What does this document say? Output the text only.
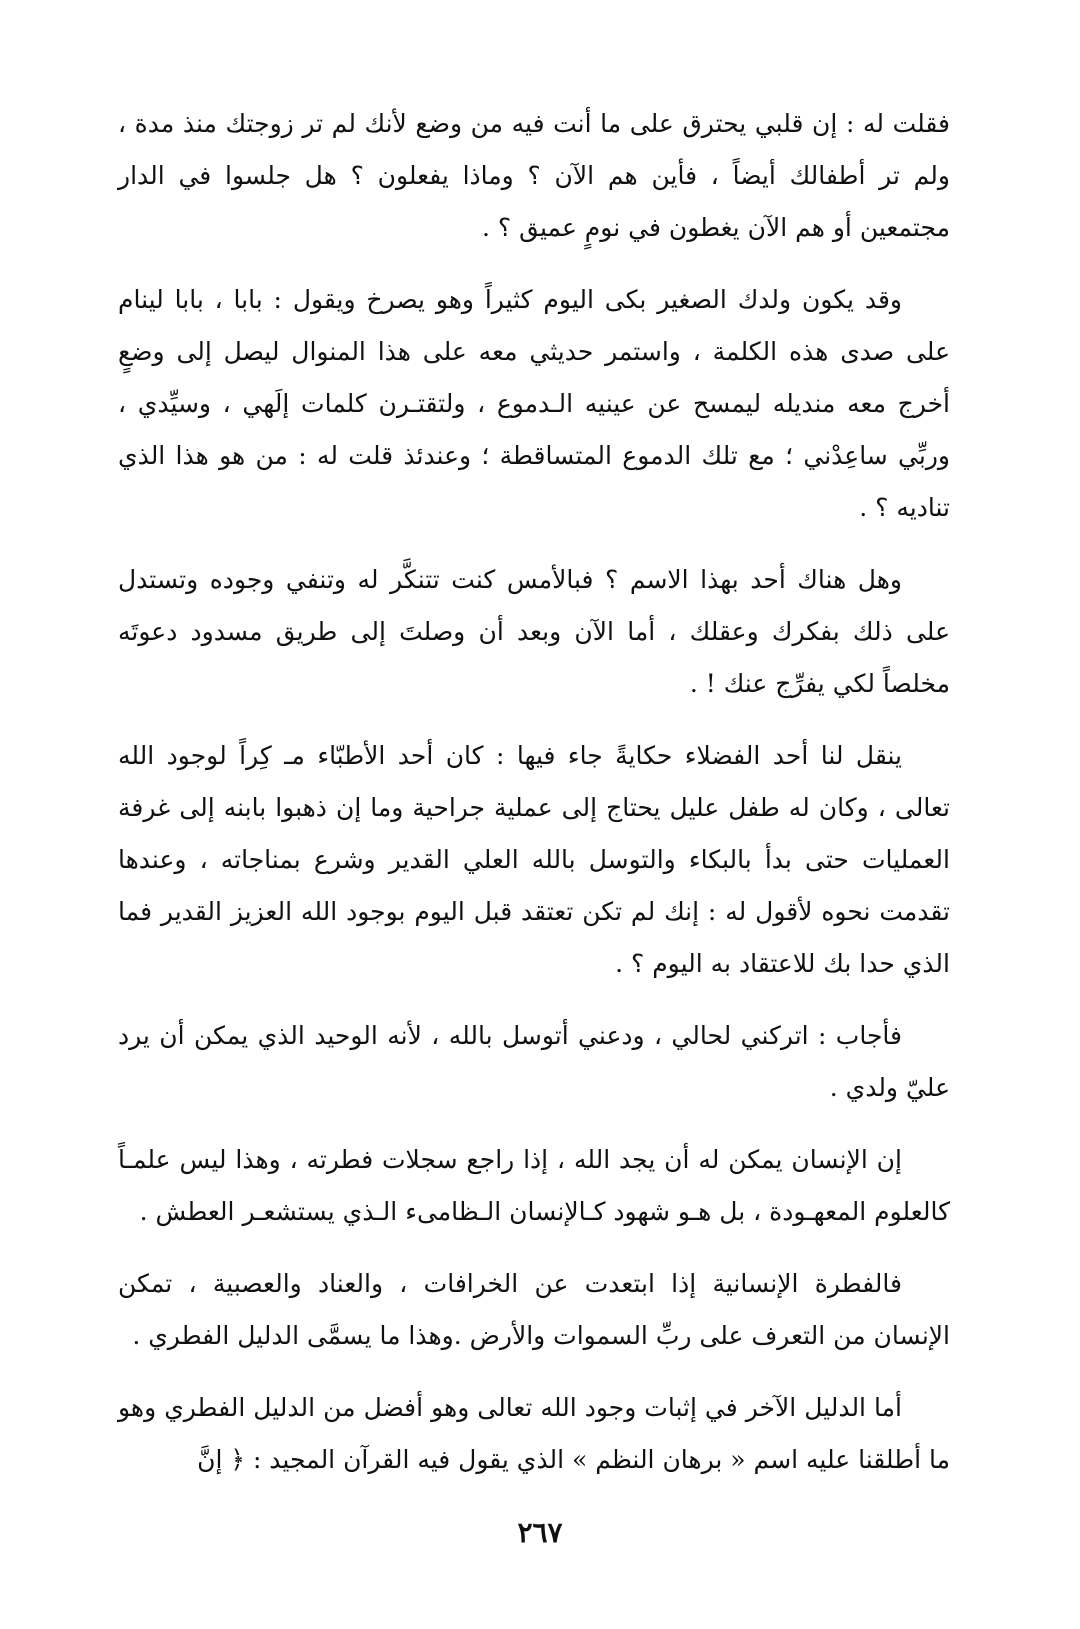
فقلت له : إن قلبي يحترق على ما أنت فيه من وضع لأنك لم تر زوجتك منذ مدة ، ولم تر أطفالك أيضاً ، فأين هم الآن ؟ وماذا يفعلون ؟ هل جلسوا في الدار مجتمعين أو هم الآن يغطون في نومٍ عميق ؟ .

وقد يكون ولدك الصغير بكى اليوم كثيراً وهو يصرخ ويقول : بابا ، بابا لينام على صدى هذه الكلمة ، واستمر حديثي معه على هذا المنوال ليصل إلى وضعٍ أخرج معه منديله ليمسح عن عينيه الـدموع ، ولتقتـرن كلمات إلَهي ، وسيِّدي ، وربِّي ساعِدْني ؛ مع تلك الدموع المتساقطة ؛ وعندئذ قلت له : من هو هذا الذي تناديه ؟ .

وهل هناك أحد بهذا الاسم ؟ فبالأمس كنت تتنكَّر له وتنفي وجوده وتستدل على ذلك بفكرك وعقلك ، أما الآن وبعد أن وصلتَ إلى طريق مسدود دعوتَه مخلصاً لكي يفرِّج عنك ! .

ينقل لنا أحد الفضلاء حكايةً جاء فيها : كان أحد الأطبّاء مـ كِراً لوجود الله تعالى ، وكان له طفل عليل يحتاج إلى عملية جراحية وما إن ذهبوا بابنه إلى غرفة العمليات حتى بدأ بالبكاء والتوسل بالله العلي القدير وشرع بمناجاته ، وعندها تقدمت نحوه لأقول له : إنك لم تكن تعتقد قبل اليوم بوجود الله العزيز القدير فما الذي حدا بك للاعتقاد به اليوم ؟ .

فأجاب : اتركني لحالي ، ودعني أتوسل بالله ، لأنه الوحيد الذي يمكن أن يرد عليّ ولدي .

إن الإنسان يمكن له أن يجد الله ، إذا راجع سجلات فطرته ، وهذا ليس علمـاً كالعلوم المعهـودة ، بل هـو شهود كـالإنسان الـظامىء الـذي يستشعـر العطش .

فالفطرة الإنسانية إذا ابتعدت عن الخرافات ، والعناد والعصبية ، تمكن الإنسان من التعرف على ربِّ السموات والأرض .وهذا ما يسمَّى الدليل الفطري .

أما الدليل الآخر في إثبات وجود الله تعالى وهو أفضل من الدليل الفطري وهو ما أطلقنا عليه اسم « برهان النظم » الذي يقول فيه القرآن المجيد : ﴿ إنَّ

٢٦٧
